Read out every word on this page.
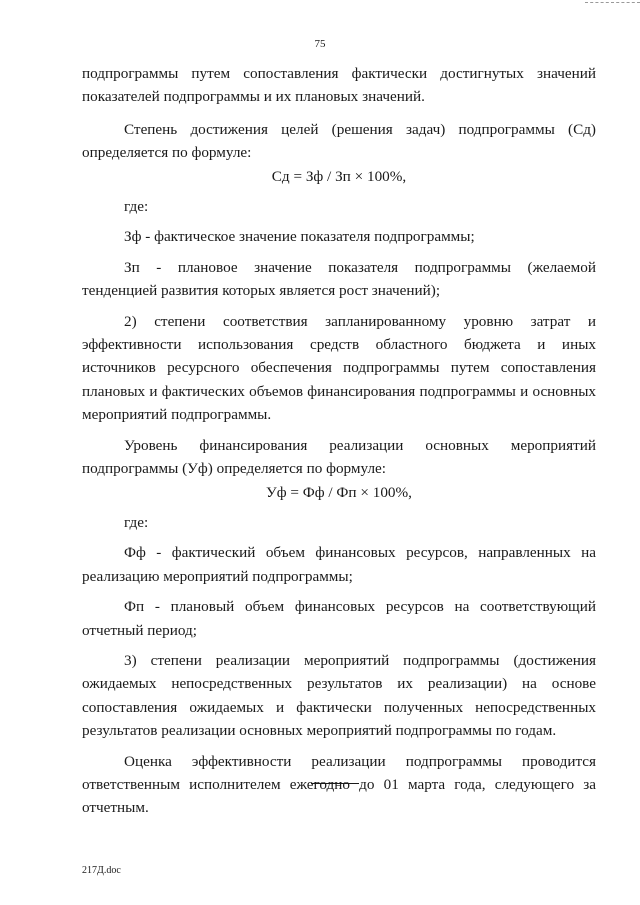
75

подпрограммы путем сопоставления фактически достигнутых значений показателей подпрограммы и их плановых значений.

Степень достижения целей (решения задач) подпрограммы (Сд) определяется по формуле:

Сд = Зф / Зп × 100%,

где:

Зф - фактическое значение показателя подпрограммы;

Зп - плановое значение показателя подпрограммы (желаемой тенденцией развития которых является рост значений);

2) степени соответствия запланированному уровню затрат и эффективности использования средств областного бюджета и иных источников ресурсного обеспечения подпрограммы путем сопоставления плановых и фактических объемов финансирования подпрограммы и основных мероприятий подпрограммы.

Уровень финансирования реализации основных мероприятий подпрограммы (Уф) определяется по формуле:

Уф = Фф / Фп × 100%,

где:

Фф - фактический объем финансовых ресурсов, направленных на реализацию мероприятий подпрограммы;

Фп - плановый объем финансовых ресурсов на соответствующий отчетный период;

3) степени реализации мероприятий подпрограммы (достижения ожидаемых непосредственных результатов их реализации) на основе сопоставления ожидаемых и фактически полученных непосредственных результатов реализации основных мероприятий подпрограммы по годам.

Оценка эффективности реализации подпрограммы проводится ответственным исполнителем ежегодно до 01 марта года, следующего за отчетным.

217Д.doc
